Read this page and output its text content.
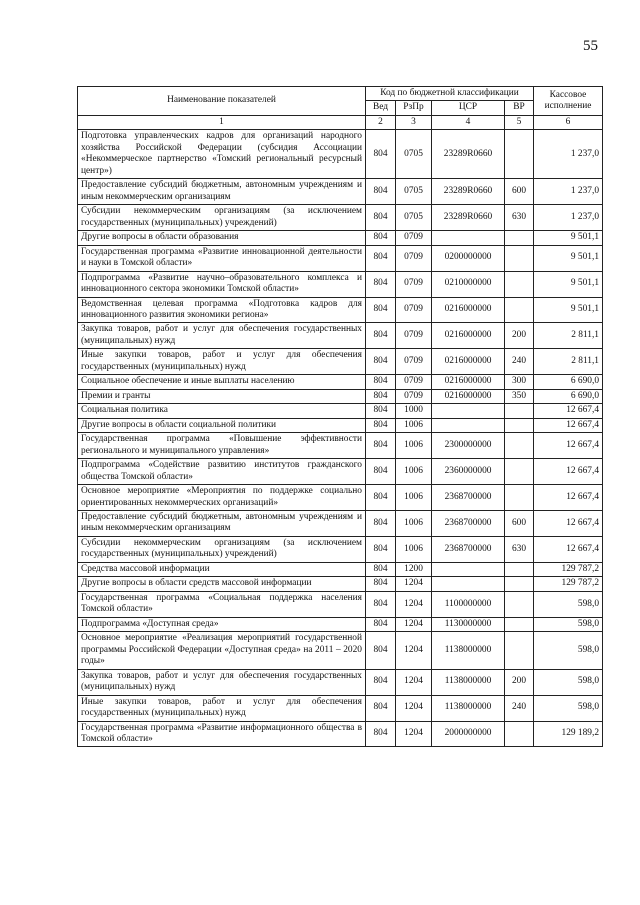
55
Наименование показателей	Код по бюджетной классификации				Кассовое исполнение
	Вед	РзПр	ЦСР	ВР	
1	2	3	4	5	6
Подготовка управленческих кадров для организаций народного хозяйства Российской Федерации (субсидия Ассоциации «Некоммерческое партнерство «Томский региональный ресурсный центр»)	804	0705	23289R0660		1 237,0
Предоставление субсидий бюджетным, автономным учреждениям и иным некоммерческим организациям	804	0705	23289R0660	600	1 237,0
Субсидии некоммерческим организациям (за исключением государственных (муниципальных) учреждений)	804	0705	23289R0660	630	1 237,0
Другие вопросы в области образования	804	0709			9 501,1
Государственная программа «Развитие инновационной деятельности и науки в Томской области»	804	0709	0200000000		9 501,1
Подпрограмма «Развитие научно–образовательного комплекса и инновационного сектора экономики Томской области»	804	0709	0210000000		9 501,1
Ведомственная целевая программа «Подготовка кадров для инновационного развития экономики региона»	804	0709	0216000000		9 501,1
Закупка товаров, работ и услуг для обеспечения государственных (муниципальных) нужд	804	0709	0216000000	200	2 811,1
Иные закупки товаров, работ и услуг для обеспечения государственных (муниципальных) нужд	804	0709	0216000000	240	2 811,1
Социальное обеспечение и иные выплаты населению	804	0709	0216000000	300	6 690,0
Премии и гранты	804	0709	0216000000	350	6 690,0
Социальная политика	804	1000			12 667,4
Другие вопросы в области социальной политики	804	1006			12 667,4
Государственная программа «Повышение эффективности регионального и муниципального управления»	804	1006	2300000000		12 667,4
Подпрограмма «Содействие развитию институтов гражданского общества Томской области»	804	1006	2360000000		12 667,4
Основное мероприятие «Мероприятия по поддержке социально ориентированных некоммерческих организаций»	804	1006	2368700000		12 667,4
Предоставление субсидий бюджетным, автономным учреждениям и иным некоммерческим организациям	804	1006	2368700000	600	12 667,4
Субсидии некоммерческим организациям (за исключением государственных (муниципальных) учреждений)	804	1006	2368700000	630	12 667,4
Средства массовой информации	804	1200			129 787,2
Другие вопросы в области средств массовой информации	804	1204			129 787,2
Государственная программа «Социальная поддержка населения Томской области»	804	1204	1100000000		598,0
Подпрограмма «Доступная среда»	804	1204	1130000000		598,0
Основное мероприятие «Реализация мероприятий государственной программы Российской Федерации «Доступная среда» на 2011 – 2020 годы»	804	1204	1138000000		598,0
Закупка товаров, работ и услуг для обеспечения государственных (муниципальных) нужд	804	1204	1138000000	200	598,0
Иные закупки товаров, работ и услуг для обеспечения государственных (муниципальных) нужд	804	1204	1138000000	240	598,0
Государственная программа «Развитие информационного общества в Томской области»	804	1204	2000000000		129 189,2
